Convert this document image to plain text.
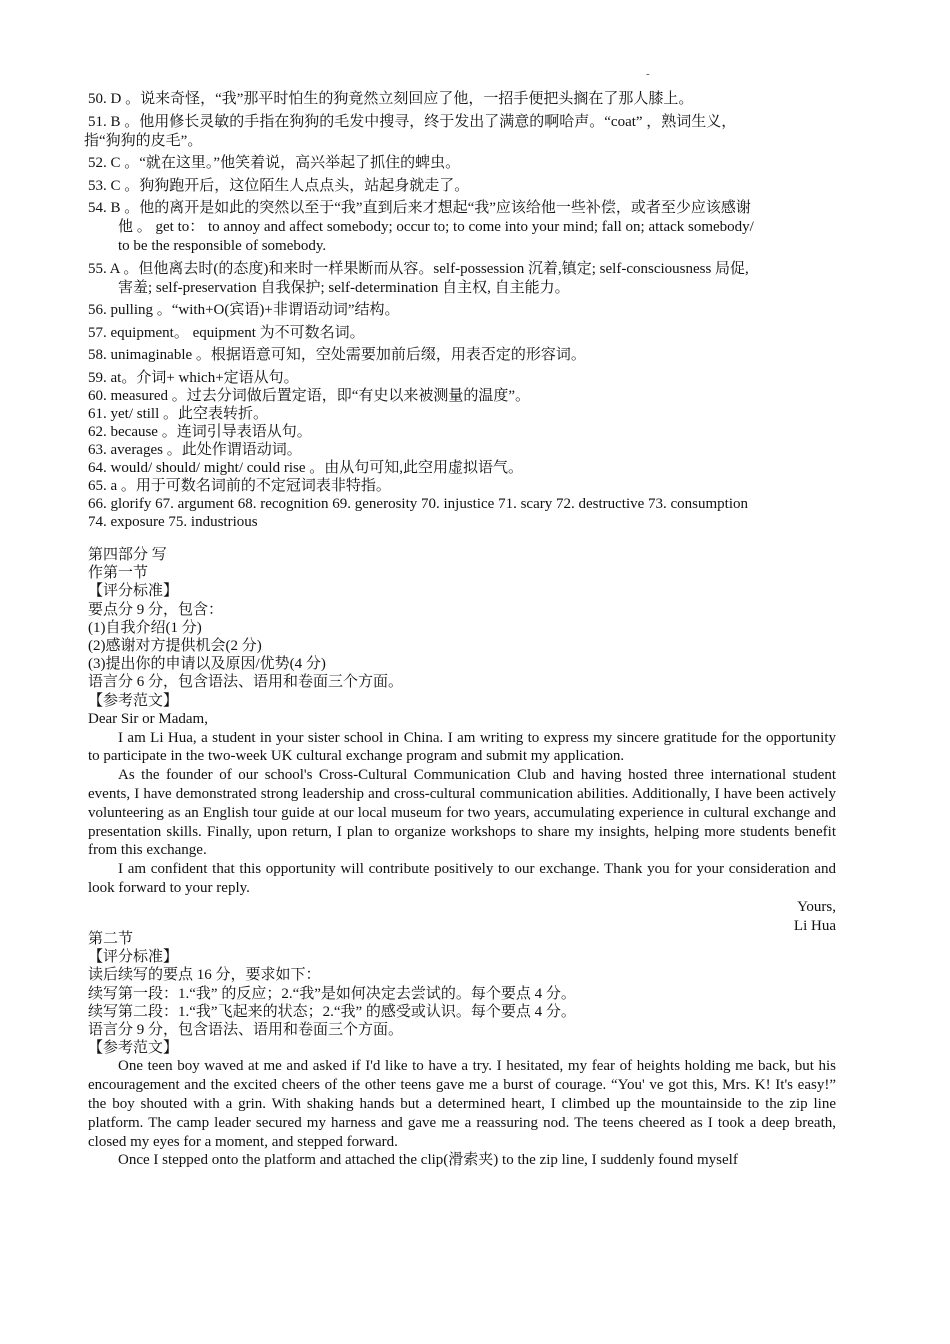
-
50. D 。说来奇怪，“我”那平时怕生的狗竟然立刻回应了他，一招手便把头搁在了那人膝上。
51. B 。他用修长灵敏的手指在狗狗的毛发中搜寻，终于发出了满意的啊哈声。“coat” ，熟词生义，
指“狗狗的皮毛”。
52. C 。“就在这里。”他笑着说，高兴举起了抓住的蜱虫。
53. C 。狗狗跑开后，这位陌生人点点头，站起身就走了。
54. B 。他的离开是如此的突然以至于“我”直到后来才想起“我”应该给他一些补偿，或者至少应该感谢
他 。 get to： to annoy and affect somebody; occur to; to come into your mind; fall on; attack somebody/
to be the responsible of somebody.
55. A 。但他离去时(的态度)和来时一样果断而从容。self-possession 沉着,镇定; self-consciousness 局促,
害羞; self-preservation 自我保护; self-determination 自主权, 自主能力。
56. pulling 。“with+O(宾语)+非谓语动词”结构。
57. equipment。 equipment 为不可数名词。
58. unimaginable 。根据语意可知，空处需要加前后缀，用表否定的形容词。
59. at。介词+ which+定语从句。
60. measured 。过去分词做后置定语，即“有史以来被测量的温度”。
61. yet/ still 。此空表转折。
62. because 。连词引导表语从句。
63. averages 。此处作谓语动词。
64. would/ should/ might/ could rise 。由从句可知,此空用虚拟语气。
65. a 。用于可数名词前的不定冠词表非特指。
66. glorify 67. argument 68. recognition 69. generosity 70. injustice 71. scary 72. destructive 73. consumption
74. exposure 75. industrious
第四部分 写
作第一节
【评分标准】
要点分 9 分，包含：
(1)自我介绍(1 分)
(2)感谢对方提供机会(2 分)
(3)提出你的申请以及原因/优势(4 分)
语言分 6 分，包含语法、语用和卷面三个方面。
【参考范文】

Dear Sir or Madam,

I am Li Hua, a student in your sister school in China. I am writing to express my sincere gratitude for the opportunity to participate in the two-week UK cultural exchange program and submit my application.

As the founder of our school's Cross-Cultural Communication Club and having hosted three international student events, I have demonstrated strong leadership and cross-cultural communication abilities. Additionally, I have been actively volunteering as an English tour guide at our local museum for two years, accumulating experience in cultural exchange and presentation skills. Finally, upon return, I plan to organize workshops to share my insights, helping more students benefit from this exchange.

I am confident that this opportunity will contribute positively to our exchange. Thank you for your consideration and look forward to your reply.

Yours,

Li Hua

第二节
【评分标准】
读后续写的要点 16 分，要求如下：
续写第一段：1.“我” 的反应；2.“我”是如何决定去尝试的。每个要点 4 分。
续写第二段：1.“我”飞起来的状态；2.“我” 的感受或认识。每个要点 4 分。
语言分 9 分，包含语法、语用和卷面三个方面。
【参考范文】

One teen boy waved at me and asked if I'd like to have a try. I hesitated, my fear of heights holding me back, but his encouragement and the excited cheers of the other teens gave me a burst of courage. “You' ve got this, Mrs. K! It's easy!” the boy shouted with a grin. With shaking hands but a determined heart, I climbed up the mountainside to the zip line platform. The camp leader secured my harness and gave me a reassuring nod. The teens cheered as I took a deep breath, closed my eyes for a moment, and stepped forward.

Once I stepped onto the platform and attached the clip(滑索夹) to the zip line, I suddenly found myself
